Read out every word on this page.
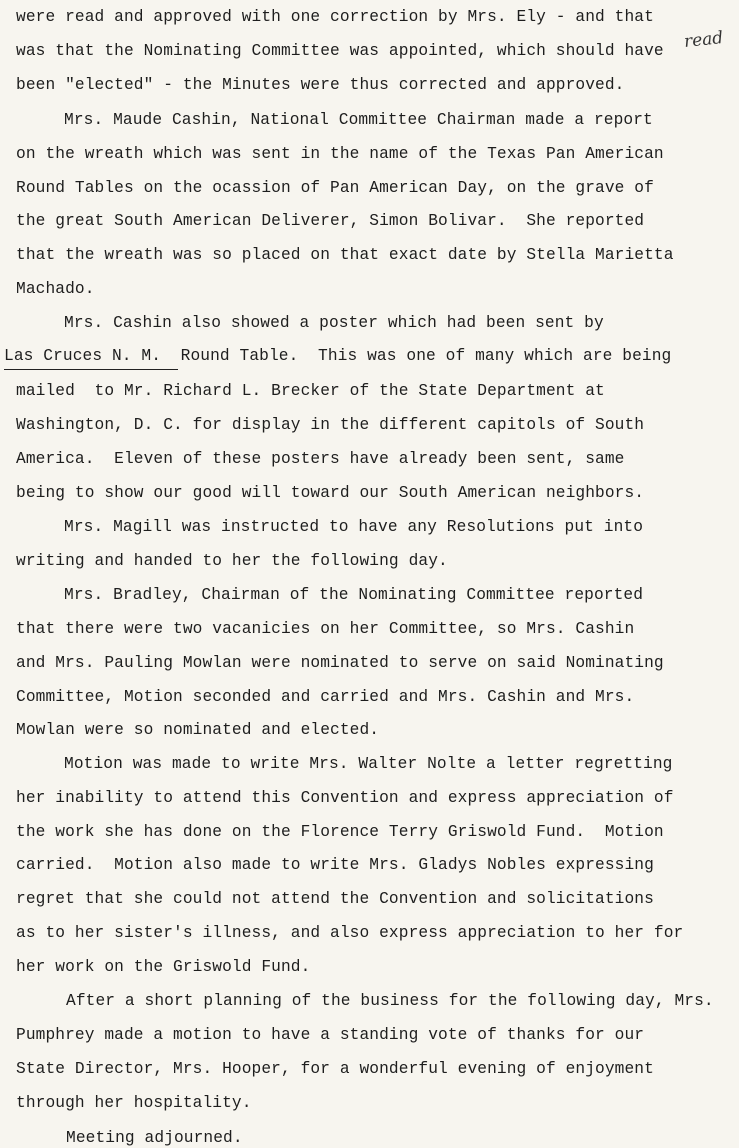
were read and approved with one correction by Mrs. Ely - and that
was that the Nominating Committee was appointed, which should have read
been "elected" - the Minutes were thus corrected and approved.
Mrs. Maude Cashin, National Committee Chairman made a report
on the wreath which was sent in the name of the Texas Pan American
Round Tables on the ocassion of Pan American Day, on the grave of
the great South American Deliverer, Simon Bolivar.  She reported
that the wreath was so placed on that exact date by Stella Marietta
Machado.
Mrs. Cashin also showed a poster which had been sent by
Las Cruces N. M.  Round Table.  This was one of many which are being
mailed  to Mr. Richard L. Brecker of the State Department at
Washington, D. C. for display in the different capitols of South
America.  Eleven of these posters have already been sent, same
being to show our good will toward our South American neighbors.
Mrs. Magill was instructed to have any Resolutions put into
writing and handed to her the following day.
Mrs. Bradley, Chairman of the Nominating Committee reported
that there were two vacanicies on her Committee, so Mrs. Cashin
and Mrs. Pauling Mowlan were nominated to serve on said Nominating
Committee, Motion seconded and carried and Mrs. Cashin and Mrs.
Mowlan were so nominated and elected.
Motion was made to write Mrs. Walter Nolte a letter regretting
her inability to attend this Convention and express appreciation of
the work she has done on the Florence Terry Griswold Fund.  Motion
carried.  Motion also made to write Mrs. Gladys Nobles expressing
regret that she could not attend the Convention and solicitations
as to her sister's illness, and also express appreciation to her for
her work on the Griswold Fund.
After a short planning of the business for the following day, Mrs.
Pumphrey made a motion to have a standing vote of thanks for our
State Director, Mrs. Hooper, for a wonderful evening of enjoyment
through her hospitality.
Meeting adjourned.
